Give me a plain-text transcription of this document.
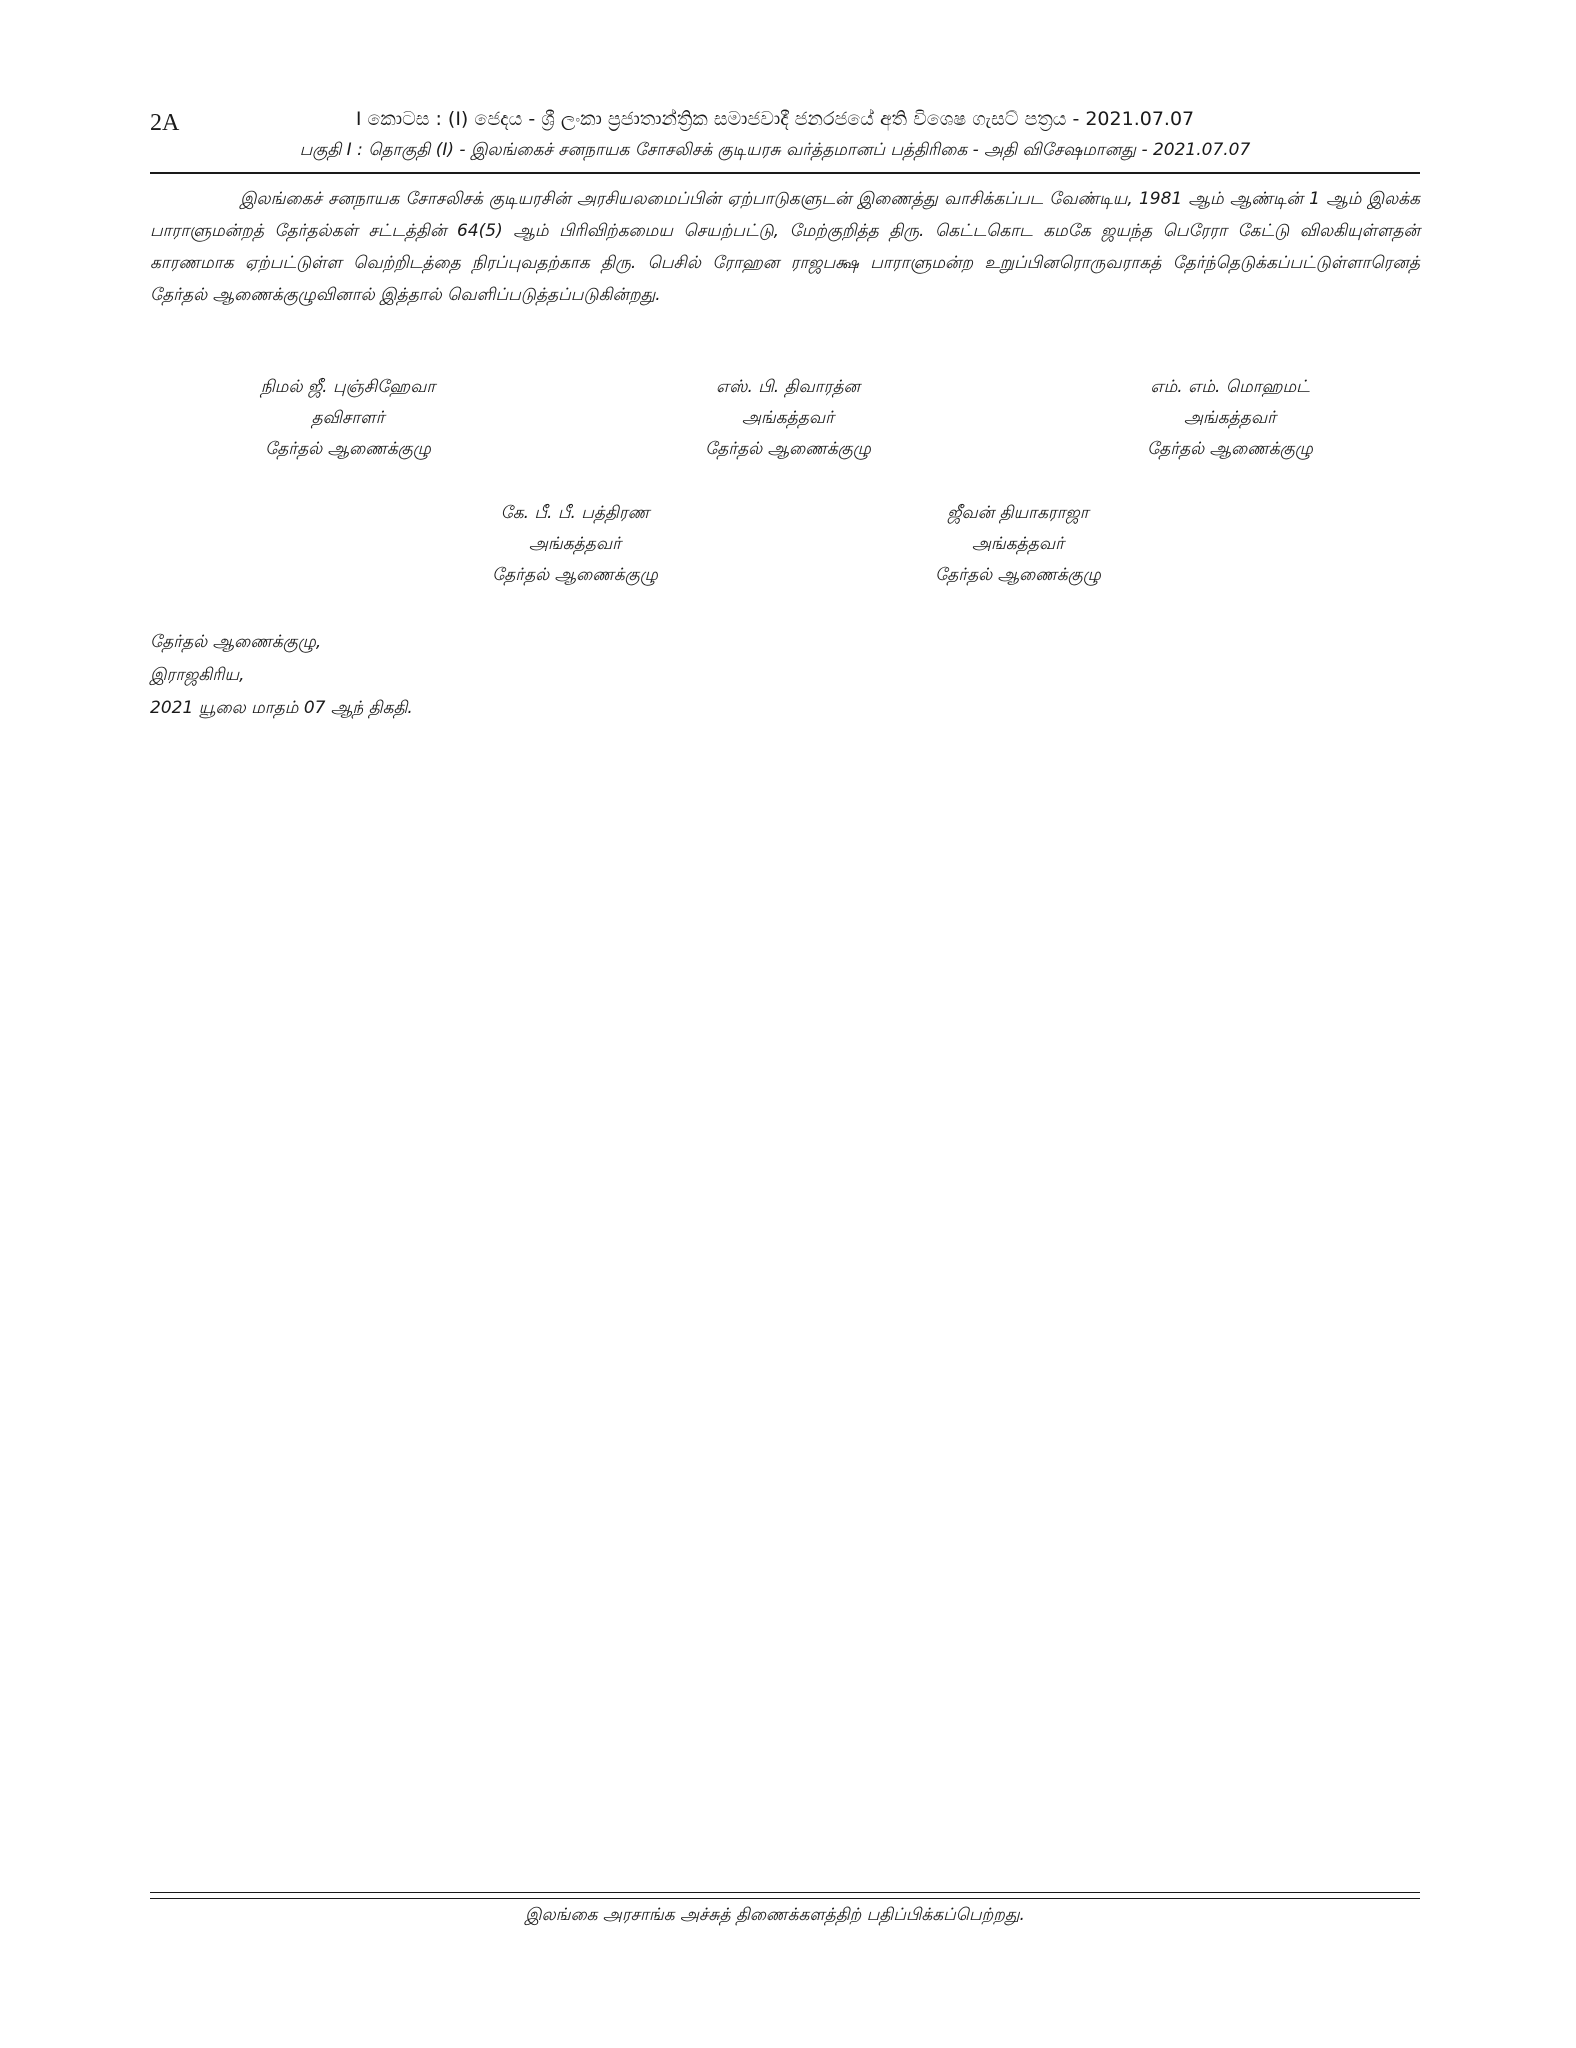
2A	I කොටස : (I) ජෙදය - ශ්‍රී ලංකා ප්‍රජාතාන්ත්‍රික සමාජවාදී ජනරජයේ අති විශෙෂ ගැසට් පත්‍රය - 2021.07.07
பகுதி I : தொகுதி (I) - இலங்கைச் சனநாயக சோசலிசக் குடியரசு வர்த்தமானப் பத்திரிகை - அதி விசேஷமானது - 2021.07.07

இலங்கைச் சனநாயக சோசலிசக் குடியரசின் அரசியலமைப்பின் ஏற்பாடுகளுடன் இணைத்து வாசிக்கப்பட வேண்டிய, 1981 ஆம் ஆண்டின் 1 ஆம் இலக்க பாராளுமன்றத் தேர்தல்கள் சட்டத்தின் 64(5) ஆம் பிரிவிற்கமைய செயற்பட்டு, மேற்குறித்த திரு. கெட்டகொட கமகே ஜயந்த பெரேரா கேட்டு விலகியுள்ளதன் காரணமாக ஏற்பட்டுள்ள வெற்றிடத்தை நிரப்புவதற்காக திரு. பெசில் ரோஹன ராஜபக்ஷ பாராளுமன்ற உறுப்பினரொருவராகத் தேர்ந்தெடுக்கப்பட்டுள்ளாரெனத் தேர்தல் ஆணைக்குழுவினால் இத்தால் வெளிப்படுத்தப்படுகின்றது.

நிமல் ஜீ. புஞ்சிஹேவா
தவிசாளர்
தேர்தல் ஆணைக்குழு
எஸ். பி. திவாரத்ன
அங்கத்தவர்
தேர்தல் ஆணைக்குழு
எம். எம். மொஹமட்
அங்கத்தவர்
தேர்தல் ஆணைக்குழு
கே. பீ. பீ. பத்திரண
அங்கத்தவர்
தேர்தல் ஆணைக்குழு
ஜீவன் தியாகராஜா
அங்கத்தவர்
தேர்தல் ஆணைக்குழு
தேர்தல் ஆணைக்குழு,
இராஜகிரிய,
2021 யூலை மாதம் 07 ஆந் திகதி.

இலங்கை அரசாங்க அச்சுத் திணைக்களத்திற் பதிப்பிக்கப்பெற்றது.
